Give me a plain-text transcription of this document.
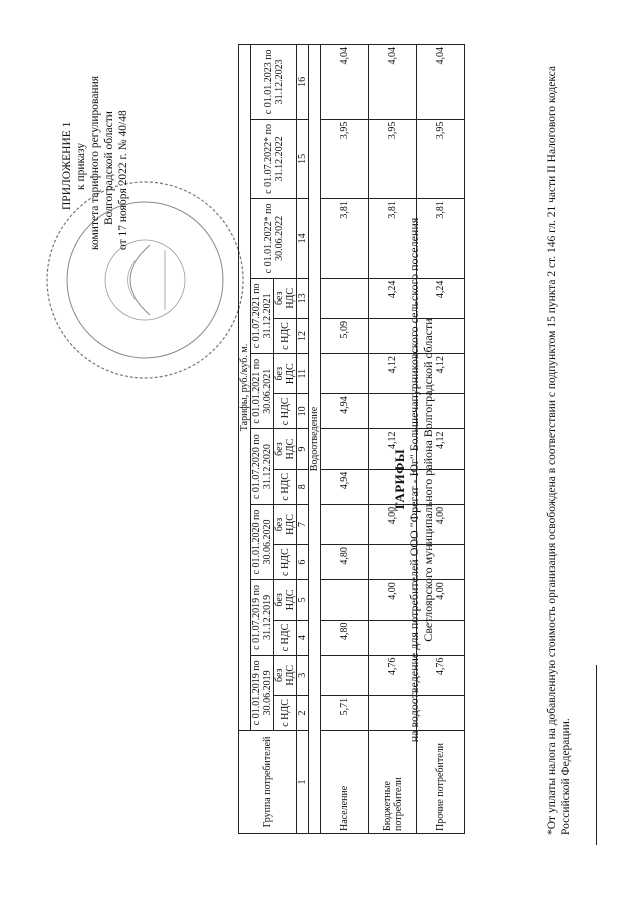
ПРИЛОЖЕНИЕ 1 к приказу комитета тарифного регулирования Волгоградской области от 17 ноября 2022 г. № 40/48
ТАРИФЫ на водоотведение для потребителей ООО "Фрегат - Юг" Большечапурниковского сельского поселения Светлоярского муниципального района Волгоградской области
Группа потребителей	Тарифы, руб./куб. м.														
	с 01.01.2019 по 30.06.2019		с 01.07.2019 по 31.12.2019		с 01.01.2020 по 30.06.2020		с 01.07.2020 по 31.12.2020		с 01.01.2021 по 30.06.2021		с 01.07.2021 по 31.12.2021		с 01.01.2022* по 30.06.2022	с 01.07.2022* по 31.12.2022	с 01.01.2023 по 31.12.2023
	с НДС	без НДС	с НДС	без НДС	с НДС	без НДС	с НДС	без НДС	с НДС	без НДС	с НДС	без НДС			
1	2	3	4	5	6	7	8	9	10	11	12	13	14	15	16
Водоотведение															
Население	5,71		4,80		4,80		4,94		4,94		5,09		3,81	3,95	4,04
Бюджетные потребители		4,76		4,00		4,00		4,12		4,12		4,24	3,81	3,95	4,04
Прочие потребители		4,76		4,00		4,00		4,12		4,12		4,24	3,81	3,95	4,04
*От уплаты налога на добавленную стоимость организация освобождена в соответствии с подпунктом 15 пункта 2 ст. 146 гл. 21 части II Налогового кодекса Российской Федерации.
